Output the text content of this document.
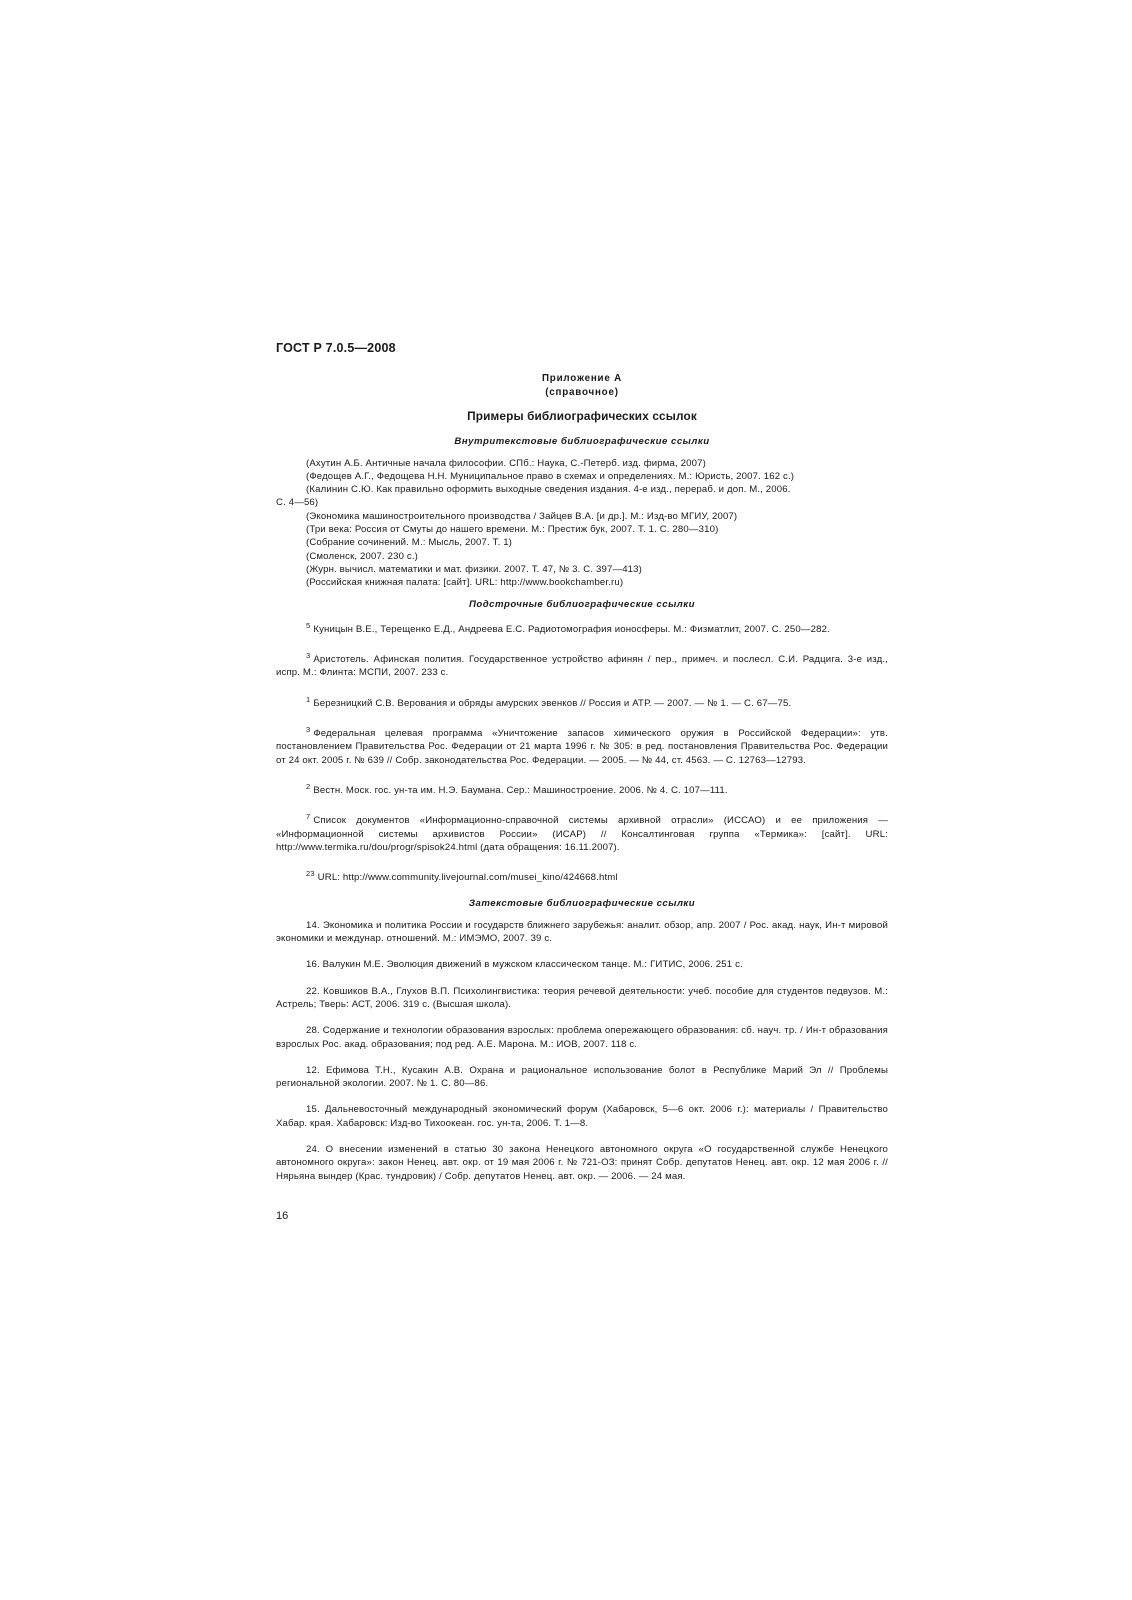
ГОСТ Р 7.0.5—2008
Приложение А
(справочное)
Примеры библиографических ссылок
Внутритекстовые библиографические ссылки

(Ахутин А.Б. Античные начала философии. СПб.: Наука, С.-Петерб. изд. фирма, 2007)

(Федощев А.Г., Федощева Н.Н. Муниципальное право в схемах и определениях. М.: Юристь, 2007. 162 с.)

(Калинин С.Ю. Как правильно оформить выходные сведения издания. 4-е изд., перераб. и доп. М., 2006.

С. 4—56)

(Экономика машиностроительного производства / Зайцев В.А. [и др.]. М.: Изд-во МГИУ, 2007)

(Три века: Россия от Смуты до нашего времени. М.: Престиж бук, 2007. Т. 1. С. 280—310)

(Собрание сочинений. М.: Мысль, 2007. Т. 1)

(Смоленск, 2007. 230 с.)

(Журн. вычисл. математики и мат. физики. 2007. Т. 47, № 3. С. 397—413)

(Российская книжная палата: [сайт]. URL: http://www.bookchamber.ru)

Подстрочные библиографические ссылки

$^5$ Куницын В.Е., Терещенко Е.Д., Андреева Е.С. Радиотомография ионосферы. М.: Физматлит, 2007. С. 250—282.

$^3$ Аристотель. Афинская полития. Государственное устройство афинян / пер., примеч. и послесл. С.И. Радцига. 3-е изд., испр. М.: Флинта: МСПИ, 2007. 233 с.

$^1$ Березницкий С.В. Верования и обряды амурских эвенков // Россия и АТР. — 2007. — № 1. — С. 67—75.

$^3$ Федеральная целевая программа «Уничтожение запасов химического оружия в Российской Федерации»: утв. постановлением Правительства Рос. Федерации от 21 марта 1996 г. № 305: в ред. постановления Правительства Рос. Федерации от 24 окт. 2005 г. № 639 // Собр. законодательства Рос. Федерации. — 2005. — № 44, ст. 4563. — С. 12763—12793.

$^2$ Вестн. Моск. гос. ун-та им. Н.Э. Баумана. Сер.: Машиностроение. 2006. № 4. С. 107—111.

$^7$ Список документов «Информационно-справочной системы архивной отрасли» (ИССАО) и ее приложения — «Информационной системы архивистов России» (ИСАР) // Консалтинговая группа «Термика»: [сайт]. URL: http://www.termika.ru/dou/progr/spisok24.html (дата обращения: 16.11.2007).

$^{23}$ URL: http://www.community.livejournal.com/musei_kino/424668.html

Затекстовые библиографические ссылки

14. Экономика и политика России и государств ближнего зарубежья: аналит. обзор, апр. 2007 / Рос. акад. наук, Ин-т мировой экономики и междунар. отношений. М.: ИМЭМО, 2007. 39 с.

16. Валукин М.Е. Эволюция движений в мужском классическом танце. М.: ГИТИС, 2006. 251 с.

22. Ковшиков В.А., Глухов В.П. Психолингвистика: теория речевой деятельности: учеб. пособие для студентов педвузов. М.: Астрель; Тверь: АСТ, 2006. 319 с. (Высшая школа).

28. Содержание и технологии образования взрослых: проблема опережающего образования: сб. науч. тр. / Ин-т образования взрослых Рос. акад. образования; под ред. А.Е. Марона. М.: ИОВ, 2007. 118 с.

12. Ефимова Т.Н., Кусакин А.В. Охрана и рациональное использование болот в Республике Марий Эл // Проблемы региональной экологии. 2007. № 1. С. 80—86.

15. Дальневосточный международный экономический форум (Хабаровск, 5—6 окт. 2006 г.): материалы / Правительство Хабар. края. Хабаровск: Изд-во Тихоокеан. гос. ун-та, 2006. Т. 1—8.

24. О внесении изменений в статью 30 закона Ненецкого автономного округа «О государственной службе Ненецкого автономного округа»: закон Ненец. авт. окр. от 19 мая 2006 г. № 721-ОЗ: принят Собр. депутатов Ненец. авт. окр. 12 мая 2006 г. // Нярьяна вындер (Крас. тундровик) / Собр. депутатов Ненец. авт. окр. — 2006. — 24 мая.

16
